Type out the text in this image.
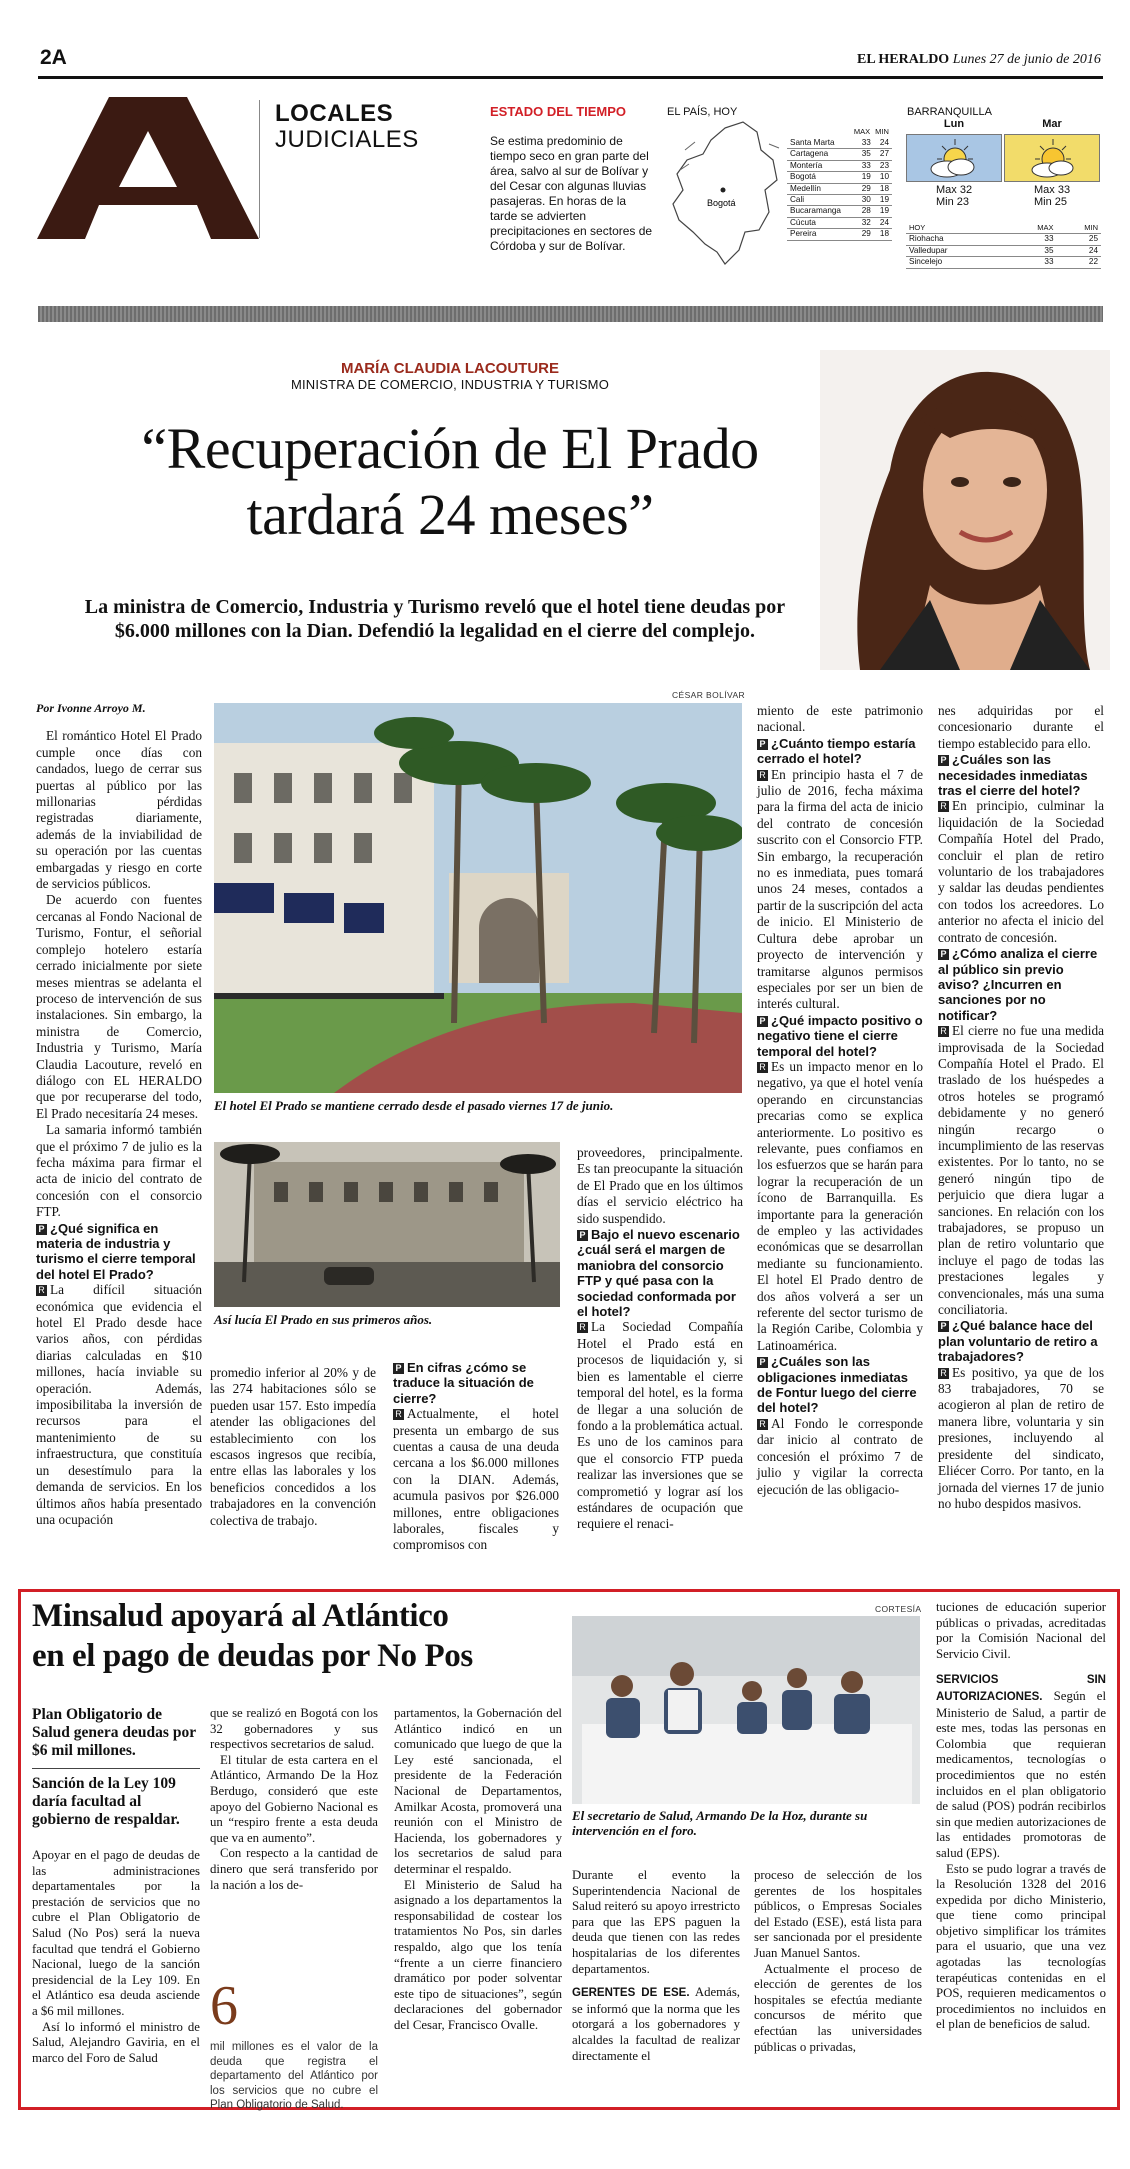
2A	EL HERALDO Lunes 27 de junio de 2016
LOCALES
JUDICIALES
ESTADO DEL TIEMPO
Se estima predominio de tiempo seco en gran parte del área, salvo al sur de Bolívar y del Cesar con algunas lluvias pasajeras. En horas de la tarde se advierten precipitaciones en sectores de Córdoba y sur de Bolívar.
EL PAÍS, HOY
Bogotá
MAX MIN
Santa Marta	33	24
Cartagena	35	27
Montería	33	23
Bogotá	19	10
Medellín	29	18
Cali	30	19
Bucaramanga	28	19
Cúcuta	32	24
Pereira	29	18
BARRANQUILLA
Lun
Max 32
Min 23
Mar
Max 33
Min 25
HOY	MAX	MIN
Riohacha	33	25
Valledupar	35	24
Sincelejo	33	22
MARÍA CLAUDIA LACOUTURE
MINISTRA DE COMERCIO, INDUSTRIA Y TURISMO
“Recuperación de El Prado
tardará 24 meses”
La ministra de Comercio, Industria y Turismo reveló que el hotel tiene deudas por
$6.000 millones con la Dian. Defendió la legalidad en el cierre del complejo.

Por Ivonne Arroyo M.

El romántico Hotel El Prado cumple once días con candados, luego de cerrar sus puertas al público por las millonarias pérdidas registradas diariamente, además de la inviabilidad de su operación por las cuentas embargadas y riesgo en corte de servicios públicos.

De acuerdo con fuentes cercanas al Fondo Nacional de Turismo, Fontur, el señorial complejo hotelero estaría cerrado inicialmente por siete meses mientras se adelanta el proceso de intervención de sus instalaciones. Sin embargo, la ministra de Comercio, Industria y Turismo, María Claudia Lacouture, reveló en diálogo con EL HERALDO que por recuperarse del todo, El Prado necesitaría 24 meses.

La samaria informó también que el próximo 7 de julio es la fecha máxima para firmar el acta de inicio del contrato de concesión con el consorcio FTP.

P ¿Qué significa en materia de industria y turismo el cierre temporal del hotel El Prado?

R La difícil situación económica que evidencia el hotel El Prado desde hace varios años, con pérdidas diarias calculadas en $10 millones, hacía inviable su operación. Además, imposibilitaba la inversión de recursos para el mantenimiento de su infraestructura, que constituía un desestímulo para la demanda de servicios. En los últimos años había presentado una ocupación

CÉSAR BOLÍVAR
El hotel El Prado se mantiene cerrado desde el pasado viernes 17 de junio.
Así lucía El Prado en sus primeros años.

promedio inferior al 20% y de las 274 habitaciones sólo se pueden usar 157. Esto impedía atender las obligaciones del establecimiento con los escasos ingresos que recibía, entre ellas las laborales y los beneficios concedidos a los trabajadores en la convención colectiva de trabajo.

P En cifras ¿cómo se traduce la situación de cierre?

R Actualmente, el hotel presenta un embargo de sus cuentas a causa de una deuda cercana a los $6.000 millones con la DIAN. Además, acumula pasivos por $26.000 millones, entre obligaciones laborales, fiscales y compromisos con

proveedores, principalmente. Es tan preocupante la situación de El Prado que en los últimos días el servicio eléctrico ha sido suspendido.

P Bajo el nuevo escenario ¿cuál será el margen de maniobra del consorcio FTP y qué pasa con la sociedad conformada por el hotel?

R La Sociedad Compañía Hotel el Prado está en procesos de liquidación y, si bien es lamentable el cierre temporal del hotel, es la forma de llegar a una solución de fondo a la problemática actual. Es uno de los caminos para que el consorcio FTP pueda realizar las inversiones que se comprometió y lograr así los estándares de ocupación que requiere el renaci-

miento de este patrimonio nacional.

P ¿Cuánto tiempo estaría cerrado el hotel?

R En principio hasta el 7 de julio de 2016, fecha máxima para la firma del acta de inicio del contrato de concesión suscrito con el Consorcio FTP. Sin embargo, la recuperación no es inmediata, pues tomará unos 24 meses, contados a partir de la suscripción del acta de inicio. El Ministerio de Cultura debe aprobar un proyecto de intervención y tramitarse algunos permisos especiales por ser un bien de interés cultural.

P ¿Qué impacto positivo o negativo tiene el cierre temporal del hotel?

R Es un impacto menor en lo negativo, ya que el hotel venía operando en circunstancias precarias como se explica anteriormente. Lo positivo es relevante, pues confiamos en los esfuerzos que se harán para lograr la recuperación de un ícono de Barranquilla. Es importante para la generación de empleo y las actividades económicas que se desarrollan mediante su funcionamiento. El hotel El Prado dentro de dos años volverá a ser un referente del sector turismo de la Región Caribe, Colombia y Latinoamérica.

P ¿Cuáles son las obligaciones inmediatas de Fontur luego del cierre del hotel?

R Al Fondo le corresponde dar inicio al contrato de concesión el próximo 7 de julio y vigilar la correcta ejecución de las obligacio-

nes adquiridas por el concesionario durante el tiempo establecido para ello.

P ¿Cuáles son las necesidades inmediatas tras el cierre del hotel?

R En principio, culminar la liquidación de la Sociedad Compañía Hotel del Prado, concluir el plan de retiro voluntario de los trabajadores y saldar las deudas pendientes con todos los acreedores. Lo anterior no afecta el inicio del contrato de concesión.

P ¿Cómo analiza el cierre al público sin previo aviso? ¿Incurren en sanciones por no notificar?

R El cierre no fue una medida improvisada de la Sociedad Compañía Hotel el Prado. El traslado de los huéspedes a otros hoteles se programó debidamente y no generó ningún recargo o incumplimiento de las reservas existentes. Por lo tanto, no se generó ningún tipo de perjuicio que diera lugar a sanciones. En relación con los trabajadores, se propuso un plan de retiro voluntario que incluye el pago de todas las prestaciones legales y convencionales, más una suma conciliatoria.

P ¿Qué balance hace del plan voluntario de retiro a trabajadores?

R Es positivo, ya que de los 83 trabajadores, 70 se acogieron al plan de retiro de manera libre, voluntaria y sin presiones, incluyendo al presidente del sindicato, Eliécer Corro. Por tanto, en la jornada del viernes 17 de junio no hubo despidos masivos.

Minsalud apoyará al Atlántico
en el pago de deudas por No Pos
Plan Obligatorio de Salud genera deudas por $6 mil millones.
Sanción de la Ley 109 daría facultad al gobierno de respaldar.

Apoyar en el pago de deudas de las administraciones departamentales por la prestación de servicios que no cubre el Plan Obligatorio de Salud (No Pos) será la nueva facultad que tendrá el Gobierno Nacional, luego de la sanción presidencial de la Ley 109. En el Atlántico esa deuda asciende a $6 mil millones.

Así lo informó el ministro de Salud, Alejandro Gaviria, en el marco del Foro de Salud

que se realizó en Bogotá con los 32 gobernadores y sus respectivos secretarios de salud.

El titular de esta cartera en el Atlántico, Armando De la Hoz Berdugo, consideró que este apoyo del Gobierno Nacional es un “respiro frente a esta deuda que va en aumento”.

Con respecto a la cantidad de dinero que será transferido por la nación a los de-

6
mil millones es el valor de la deuda que registra el departamento del Atlántico por los servicios que no cubre el Plan Obligatorio de Salud.

partamentos, la Gobernación del Atlántico indicó en un comunicado que luego de que la Ley esté sancionada, el presidente de la Federación Nacional de Departamentos, Amilkar Acosta, promoverá una reunión con el Ministro de Hacienda, los gobernadores y los secretarios de salud para determinar el respaldo.

El Ministerio de Salud ha asignado a los departamentos la responsabilidad de costear los tratamientos No Pos, sin darles respaldo, algo que los tenía “frente a un cierre financiero dramático por poder solventar este tipo de situaciones”, según declaraciones del gobernador del Cesar, Francisco Ovalle.

CORTESÍA
El secretario de Salud, Armando De la Hoz, durante su intervención en el foro.

Durante el evento la Superintendencia Nacional de Salud reiteró su apoyo irrestricto para que las EPS paguen la deuda que tienen con las redes hospitalarias de los diferentes departamentos.

GERENTES DE ESE. Además, se informó que la norma que les otorgará a los gobernadores y alcaldes la facultad de realizar directamente el

proceso de selección de los gerentes de los hospitales públicos, o Empresas Sociales del Estado (ESE), está lista para ser sancionada por el presidente Juan Manuel Santos.

Actualmente el proceso de elección de gerentes de los hospitales se efectúa mediante concursos de mérito que efectúan las universidades públicas o privadas,

tuciones de educación superior públicas o privadas, acreditadas por la Comisión Nacional del Servicio Civil.

SERVICIOS SIN AUTORIZACIONES. Según el Ministerio de Salud, a partir de este mes, todas las personas en Colombia que requieran medicamentos, tecnologías o procedimientos que no estén incluidos en el plan obligatorio de salud (POS) podrán recibirlos sin que medien autorizaciones de las entidades promotoras de salud (EPS).

Esto se pudo lograr a través de la Resolución 1328 del 2016 expedida por dicho Ministerio, que tiene como principal objetivo simplificar los trámites para el usuario, que una vez agotadas las tecnologías terapéuticas contenidas en el POS, requieren medicamentos o procedimientos no incluidos en el plan de beneficios de salud.
